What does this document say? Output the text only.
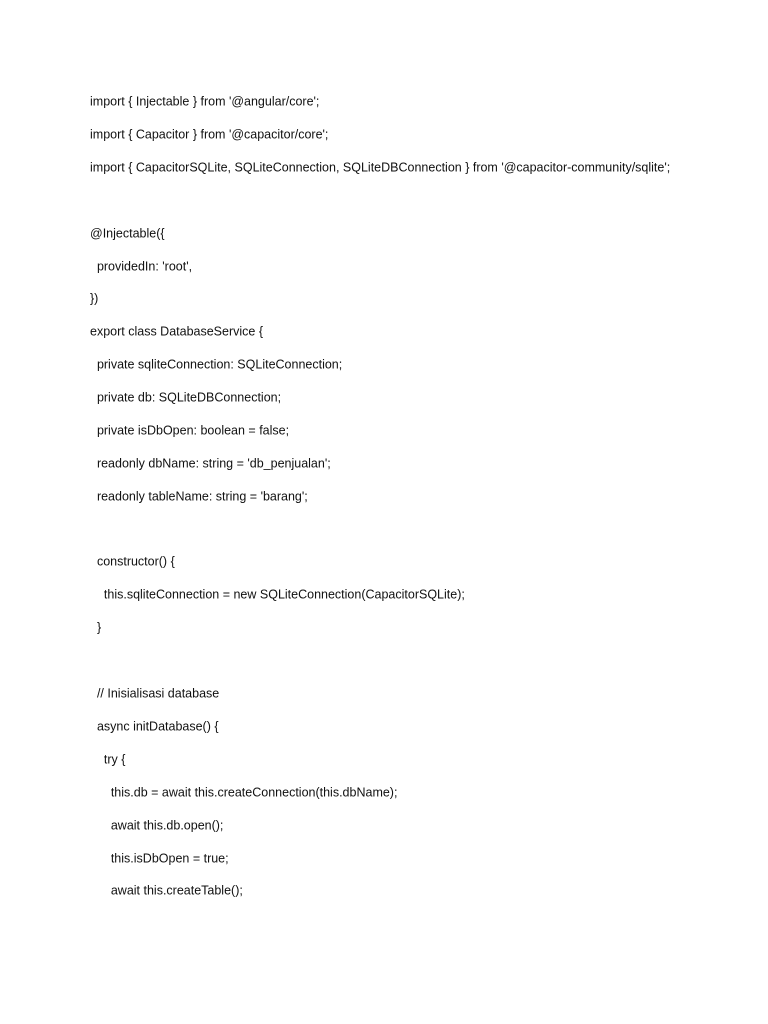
import { Injectable } from '@angular/core';
import { Capacitor } from '@capacitor/core';
import { CapacitorSQLite, SQLiteConnection, SQLiteDBConnection } from '@capacitor-community/sqlite';
@Injectable({
providedIn: 'root',
})
export class DatabaseService {
private sqliteConnection: SQLiteConnection;
private db: SQLiteDBConnection;
private isDbOpen: boolean = false;
readonly dbName: string = 'db_penjualan';
readonly tableName: string = 'barang';
constructor() {
this.sqliteConnection = new SQLiteConnection(CapacitorSQLite);
}
// Inisialisasi database
async initDatabase() {
try {
this.db = await this.createConnection(this.dbName);
await this.db.open();
this.isDbOpen = true;
await this.createTable();
